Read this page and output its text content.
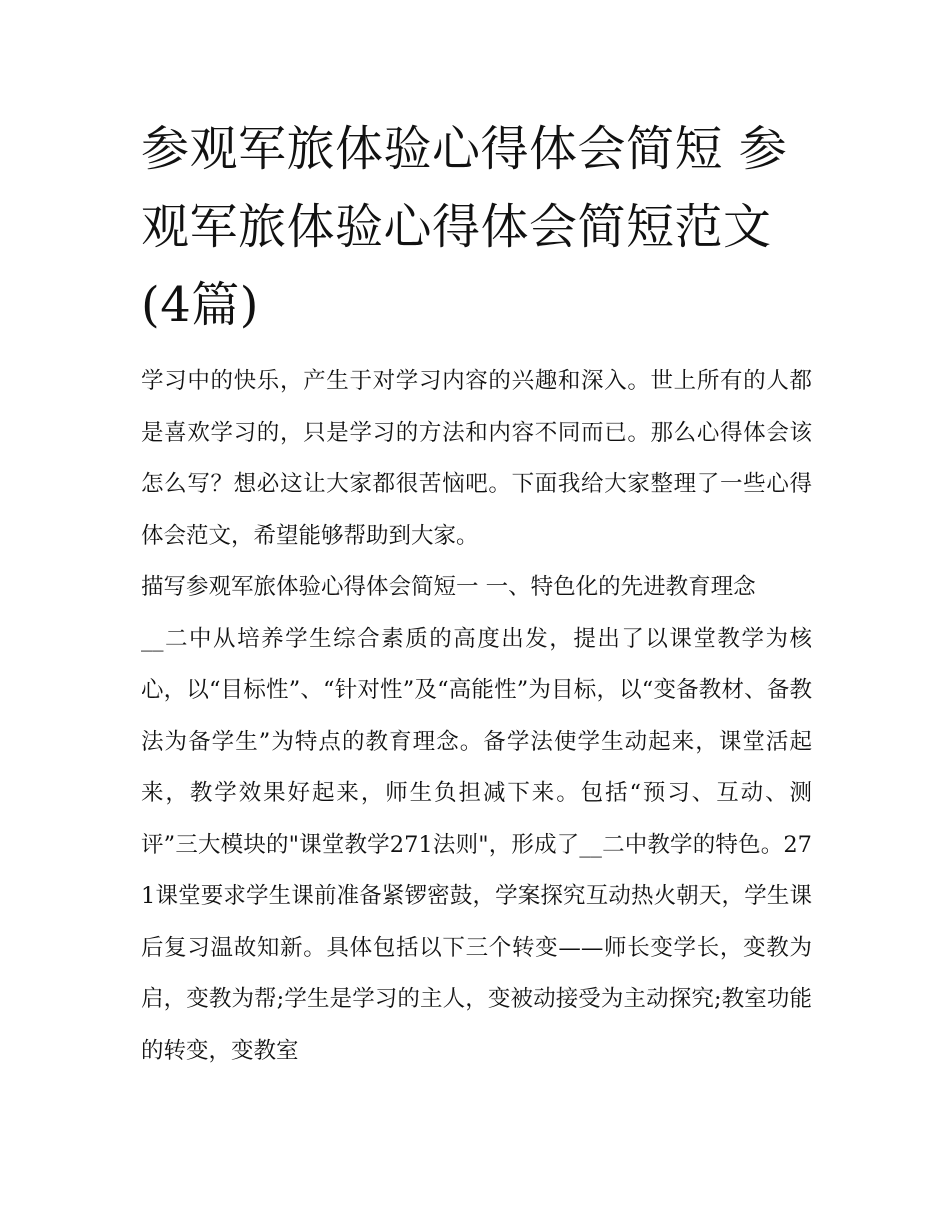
参观军旅体验心得体会简短 参观军旅体验心得体会简短范文(4篇)

学习中的快乐，产生于对学习内容的兴趣和深入。世上所有的人都是喜欢学习的，只是学习的方法和内容不同而已。那么心得体会该怎么写？想必这让大家都很苦恼吧。下面我给大家整理了一些心得体会范文，希望能够帮助到大家。

描写参观军旅体验心得体会简短一 一、特色化的先进教育理念

__二中从培养学生综合素质的高度出发，提出了以课堂教学为核心，以“目标性”、“针对性”及“高能性”为目标，以“变备教材、备教法为备学生”为特点的教育理念。备学法使学生动起来，课堂活起来，教学效果好起来，师生负担减下来。包括“预习、互动、测评”三大模块的"课堂教学271法则"，形成了__二中教学的特色。271课堂要求学生课前准备紧锣密鼓，学案探究互动热火朝天，学生课后复习温故知新。具体包括以下三个转变——师长变学长，变教为启，变教为帮;学生是学习的主人，变被动接受为主动探究;教室功能的转变，变教室
